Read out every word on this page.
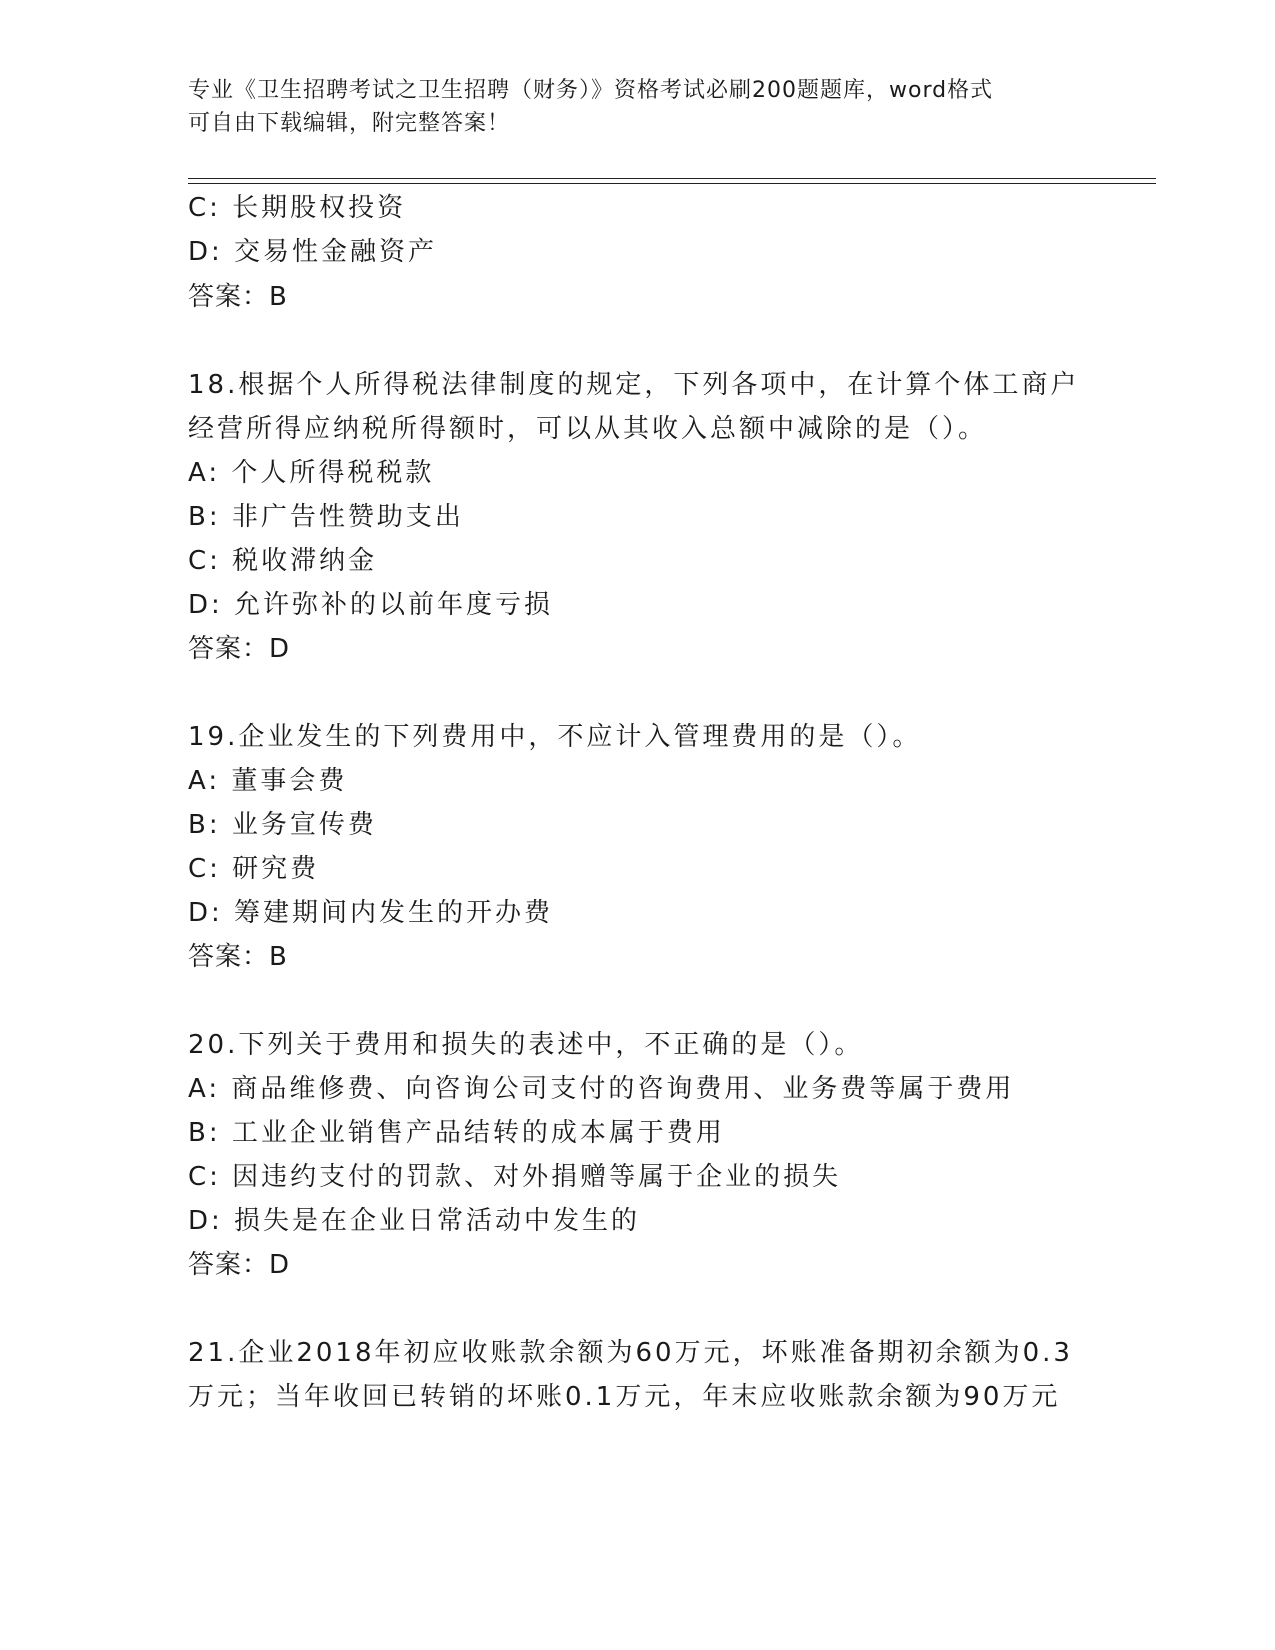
专业《卫生招聘考试之卫生招聘（财务）》资格考试必刷200题题库，word格式
可自由下载编辑，附完整答案！
C: 长期股权投资
D: 交易性金融资产
答案：B
18.根据个人所得税法律制度的规定，下列各项中，在计算个体工商户
经营所得应纳税所得额时，可以从其收入总额中减除的是（）。
A: 个人所得税税款
B: 非广告性赞助支出
C: 税收滞纳金
D: 允许弥补的以前年度亏损
答案：D
19.企业发生的下列费用中，不应计入管理费用的是（）。
A: 董事会费
B: 业务宣传费
C: 研究费
D: 筹建期间内发生的开办费
答案：B
20.下列关于费用和损失的表述中，不正确的是（）。
A: 商品维修费、向咨询公司支付的咨询费用、业务费等属于费用
B: 工业企业销售产品结转的成本属于费用
C: 因违约支付的罚款、对外捐赠等属于企业的损失
D: 损失是在企业日常活动中发生的
答案：D
21.企业2018年初应收账款余额为60万元，坏账准备期初余额为0.3
万元；当年收回已转销的坏账0.1万元，年末应收账款余额为90万元
